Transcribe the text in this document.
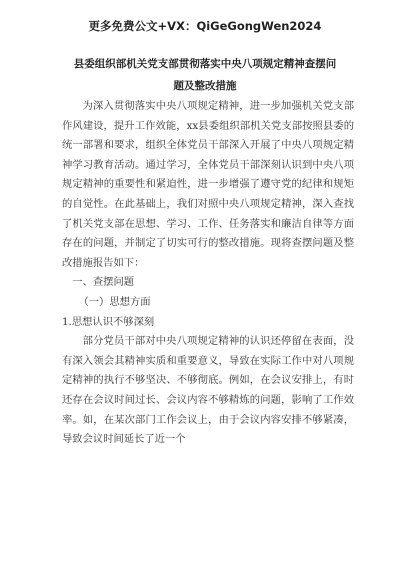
更多免费公文+VX：QiGeGongWen2024
县委组织部机关党支部贯彻落实中央八项规定精神查摆问
题及整改措施

为深入贯彻落实中央八项规定精神，进一步加强机关党支部作风建设，提升工作效能，xx县委组织部机关党支部按照县委的统一部署和要求，组织全体党员干部深入开展了中央八项规定精神学习教育活动。通过学习，全体党员干部深刻认识到中央八项规定精神的重要性和紧迫性，进一步增强了遵守党的纪律和规矩的自觉性。在此基础上，我们对照中央八项规定精神，深入查找了机关党支部在思想、学习、工作、任务落实和廉洁自律等方面存在的问题，并制定了切实可行的整改措施。现将查摆问题及整改措施报告如下：

一、查摆问题

（一）思想方面

1.思想认识不够深刻

部分党员干部对中央八项规定精神的认识还停留在表面，没有深入领会其精神实质和重要意义，导致在实际工作中对八项规定精神的执行不够坚决、不够彻底。例如，在会议安排上，有时还存在会议时间过长、会议内容不够精炼的问题，影响了工作效率。如，在某次部门工作会议上，由于会议内容安排不够紧凑，导致会议时间延长了近一个
